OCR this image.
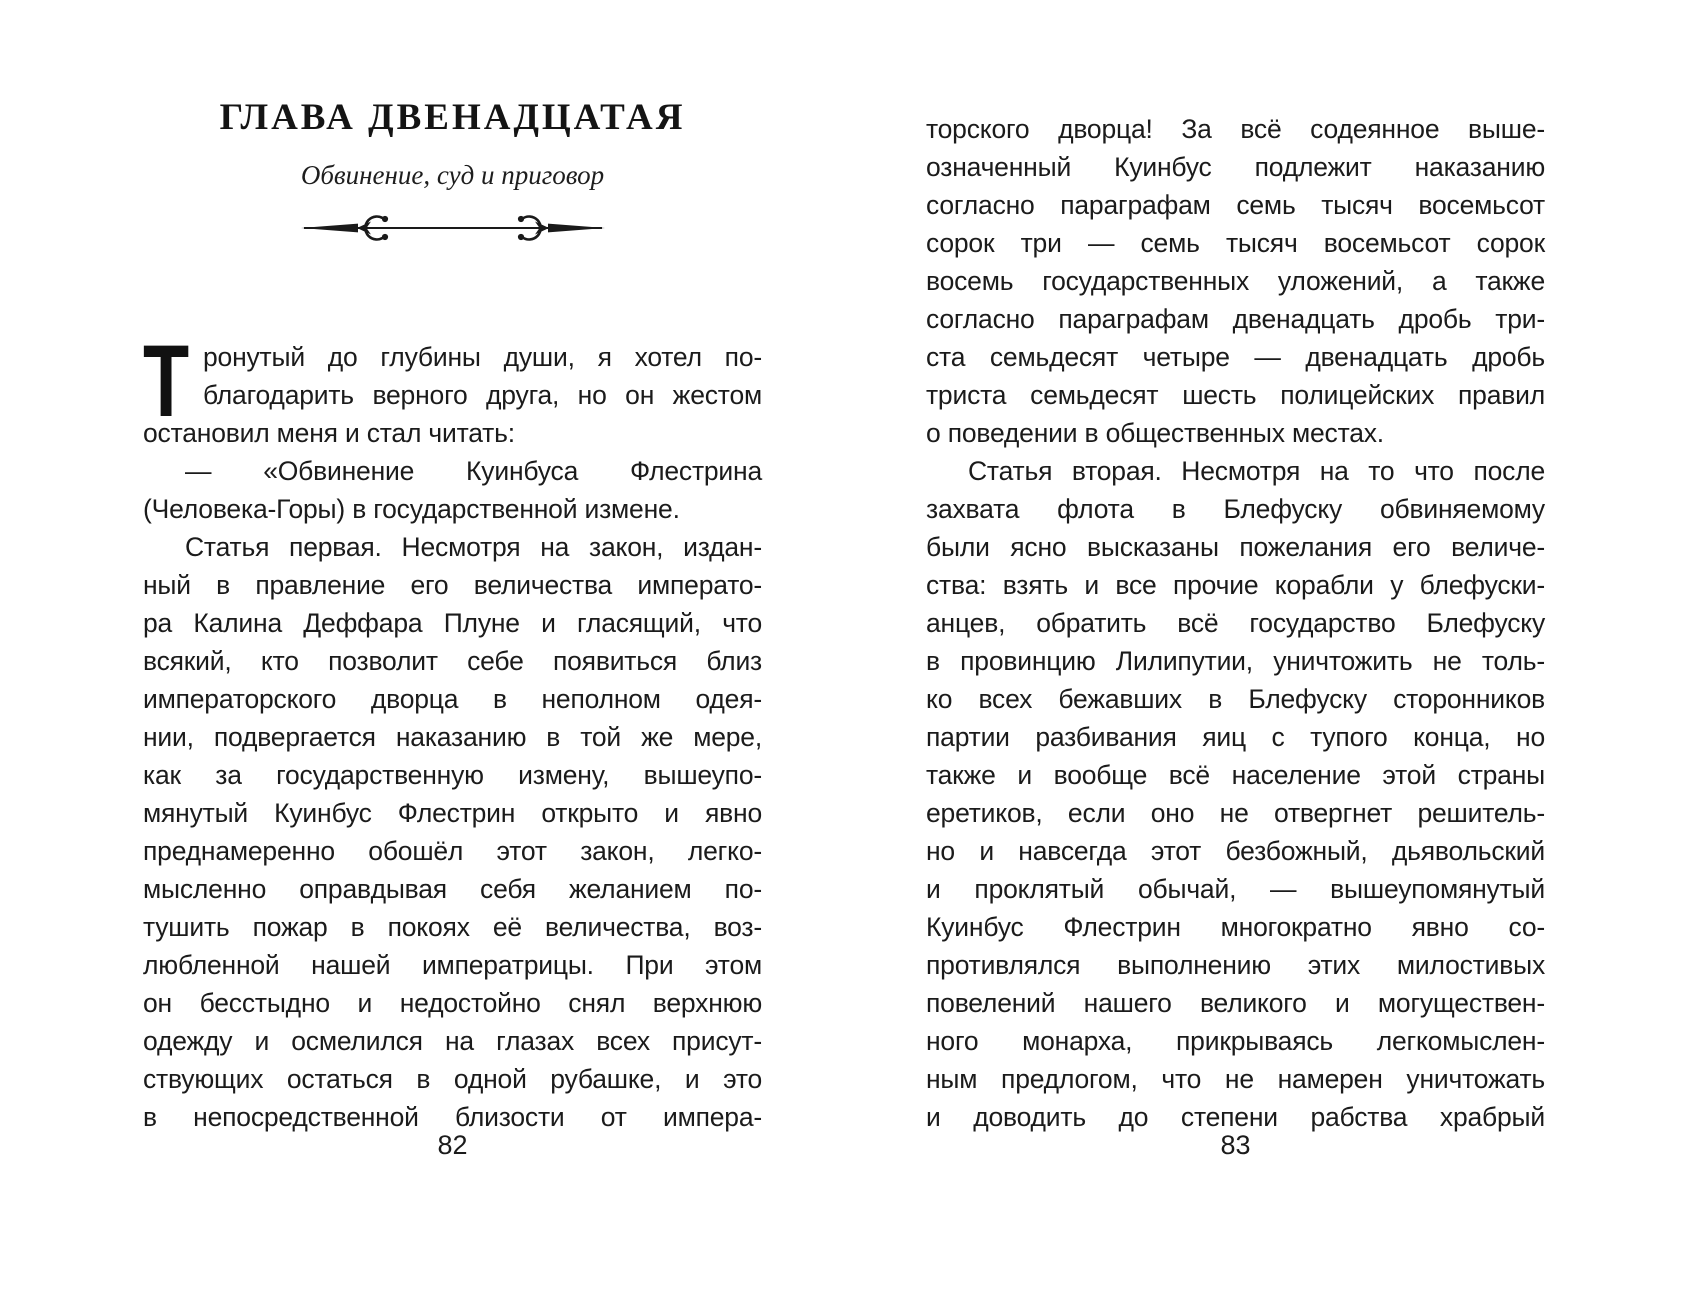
ГЛАВА ДВЕНАДЦАТАЯ
Обвинение, суд и приговор
Т ронутый до глубины души, я хотел по-
благодарить верного друга, но он жестом
остановил меня и стал читать:
— «Обвинение Куинбуса Флестрина
(Человека-Горы) в государственной измене.
Статья первая. Несмотря на закон, издан-
ный в правление его величества императо-
ра Калина Деффара Плуне и гласящий, что
всякий, кто позволит себе появиться близ
императорского дворца в неполном одея-
нии, подвергается наказанию в той же мере,
как за государственную измену, вышеупо-
мянутый Куинбус Флестрин открыто и явно
преднамеренно обошёл этот закон, легко-
мысленно оправдывая себя желанием по-
тушить пожар в покоях её величества, воз-
любленной нашей императрицы. При этом
он бесстыдно и недостойно снял верхнюю
одежду и осмелился на глазах всех присут-
ствующих остаться в одной рубашке, и это
в непосредственной близости от импера-
82
торского дворца! За всё содеянное выше-
означенный Куинбус подлежит наказанию
согласно параграфам семь тысяч восемьсот
сорок три — семь тысяч восемьсот сорок
восемь государственных уложений, а также
согласно параграфам двенадцать дробь три-
ста семьдесят четыре — двенадцать дробь
триста семьдесят шесть полицейских правил
о поведении в общественных местах.
Статья вторая. Несмотря на то что после
захвата флота в Блефуску обвиняемому
были ясно высказаны пожелания его величе-
ства: взять и все прочие корабли у блефуски-
анцев, обратить всё государство Блефуску
в провинцию Лилипутии, уничтожить не толь-
ко всех бежавших в Блефуску сторонников
партии разбивания яиц с тупого конца, но
также и вообще всё население этой страны
еретиков, если оно не отвергнет решитель-
но и навсегда этот безбожный, дьявольский
и проклятый обычай, — вышеупомянутый
Куинбус Флестрин многократно явно со-
противлялся выполнению этих милостивых
повелений нашего великого и могуществен-
ного монарха, прикрываясь легкомыслен-
ным предлогом, что не намерен уничтожать
и доводить до степени рабства храбрый
83
